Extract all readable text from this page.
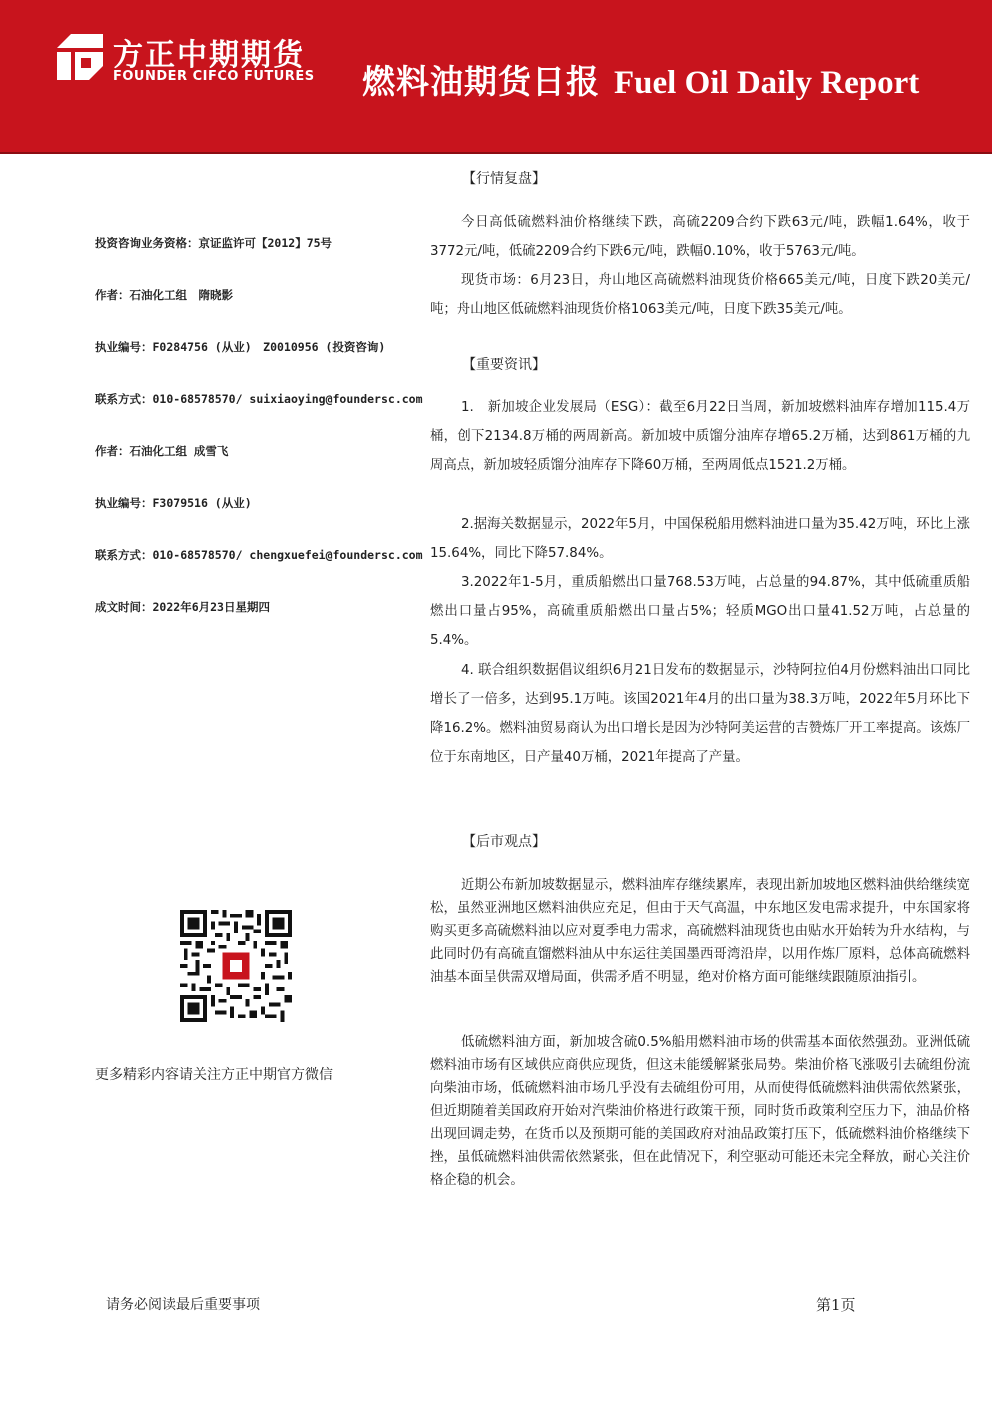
方正中期期货
FOUNDER CIFCO FUTURES 燃料油期货日报 Fuel Oil Daily Report
投资咨询业务资格：京证监许可【2012】75号
作者：石油化工组　隋晓影
执业编号：F0284756 (从业)　Z0010956 (投资咨询)
联系方式：010-68578570/ suixiaoying@foundersc.com
作者：石油化工组 成雪飞
执业编号：F3079516 (从业)
联系方式：010-68578570/ chengxuefei@foundersc.com
成文时间：2022年6月23日星期四
更多精彩内容请关注方正中期官方微信
【行情复盘】
今日高低硫燃料油价格继续下跌，高硫2209合约下跌63元/吨，跌幅1.64%，收于3772元/吨，低硫2209合约下跌6元/吨，跌幅0.10%，收于5763元/吨。
现货市场：6月23日，舟山地区高硫燃料油现货价格665美元/吨，日度下跌20美元/吨；舟山地区低硫燃料油现货价格1063美元/吨，日度下跌35美元/吨。
【重要资讯】
1.　新加坡企业发展局（ESG）：截至6月22日当周，新加坡燃料油库存增加115.4万桶，创下2134.8万桶的两周新高。新加坡中质馏分油库存增65.2万桶，达到861万桶的九周高点，新加坡轻质馏分油库存下降60万桶，至两周低点1521.2万桶。
2.据海关数据显示，2022年5月，中国保税船用燃料油进口量为35.42万吨，环比上涨15.64%，同比下降57.84%。
3.2022年1-5月，重质船燃出口量768.53万吨，占总量的94.87%，其中低硫重质船燃出口量占95%，高硫重质船燃出口量占5%；轻质MGO出口量41.52万吨，占总量的5.4%。
4. 联合组织数据倡议组织6月21日发布的数据显示，沙特阿拉伯4月份燃料油出口同比增长了一倍多，达到95.1万吨。该国2021年4月的出口量为38.3万吨，2022年5月环比下降16.2%。燃料油贸易商认为出口增长是因为沙特阿美运营的吉赞炼厂开工率提高。该炼厂位于东南地区，日产量40万桶，2021年提高了产量。
【后市观点】
近期公布新加坡数据显示，燃料油库存继续累库，表现出新加坡地区燃料油供给继续宽松，虽然亚洲地区燃料油供应充足，但由于天气高温，中东地区发电需求提升，中东国家将购买更多高硫燃料油以应对夏季电力需求，高硫燃料油现货也由贴水开始转为升水结构，与此同时仍有高硫直馏燃料油从中东运往美国墨西哥湾沿岸，以用作炼厂原料，总体高硫燃料油基本面呈供需双增局面，供需矛盾不明显，绝对价格方面可能继续跟随原油指引。
低硫燃料油方面，新加坡含硫0.5%船用燃料油市场的供需基本面依然强劲。亚洲低硫燃料油市场有区域供应商供应现货，但这未能缓解紧张局势。柴油价格飞涨吸引去硫组份流向柴油市场，低硫燃料油市场几乎没有去硫组份可用，从而使得低硫燃料油供需依然紧张，但近期随着美国政府开始对汽柴油价格进行政策干预，同时货币政策利空压力下，油品价格出现回调走势，在货币以及预期可能的美国政府对油品政策打压下，低硫燃料油价格继续下挫，虽低硫燃料油供需依然紧张，但在此情况下，利空驱动可能还未完全释放，耐心关注价格企稳的机会。
请务必阅读最后重要事项	第1页
